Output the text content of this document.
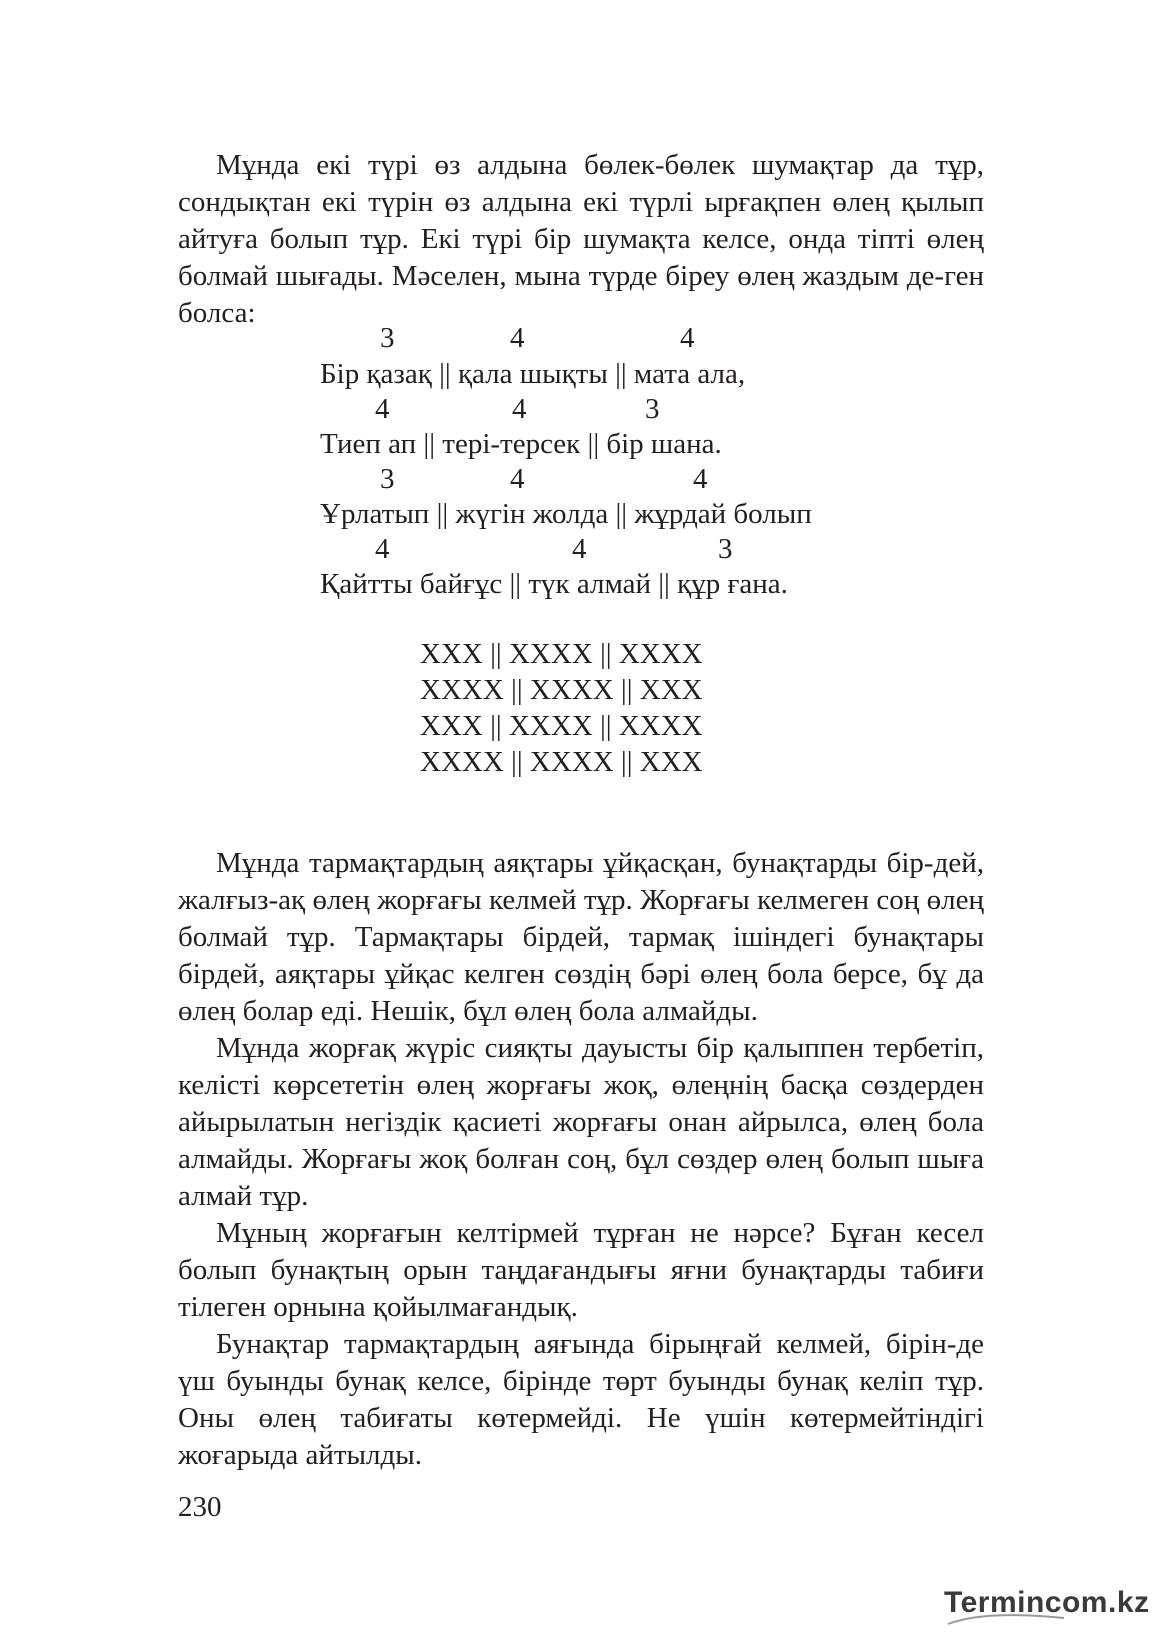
Мұнда екі түрі өз алдына бөлек-бөлек шумақтар да тұр, сондықтан екі түрін өз алдына екі түрлі ырғақпен өлең қылып айтуға болып тұр. Екі түрі бір шумақта келсе, онда тіпті өлең болмай шығады. Мәселен, мына түрде біреу өлең жаздым де-ген болса:

3	4	4
Бір қазақ || қала шықты || мата ала,
4	4	3
Тиеп ап || тері-терсек || бір шана.
3	4	4
Ұрлатып || жүгін жолда || жұрдай болып
4	4	3
Қайтты байғұс || түк алмай || құр ғана.
XXX || XXXX || XXXX
XXXX || XXXX || XXX
XXX || XXXX || XXXX
XXXX || XXXX || XXX

Мұнда тармақтардың аяқтары ұйқасқан, бунақтарды бір-дей, жалғыз-ақ өлең жорғағы келмей тұр. Жорғағы келмеген соң өлең болмай тұр. Тармақтары бірдей, тармақ ішіндегі бунақтары бірдей, аяқтары ұйқас келген сөздің бәрі өлең бола берсе, бұ да өлең болар еді. Нешік, бұл өлең бола алмайды.

Мұнда жорғақ жүріс сияқты дауысты бір қалыппен тербетіп, келісті көрсететін өлең жорғағы жоқ, өлеңнің басқа сөздерден айырылатын негіздік қасиеті жорғағы онан айрылса, өлең бола алмайды. Жорғағы жоқ болған соң, бұл сөздер өлең болып шыға алмай тұр.

Мұның жорғағын келтірмей тұрған не нәрсе? Бұған кесел болып бунақтың орын таңдағандығы яғни бунақтарды табиғи тілеген орнына қойылмағандық.

Бунақтар тармақтардың аяғында бірыңғай келмей, бірін-де үш буынды бунақ келсе, бірінде төрт буынды бунақ келіп тұр. Оны өлең табиғаты көтермейді. Не үшін көтермейтіндігі жоғарыда айтылды.

230
Termincom.kz
